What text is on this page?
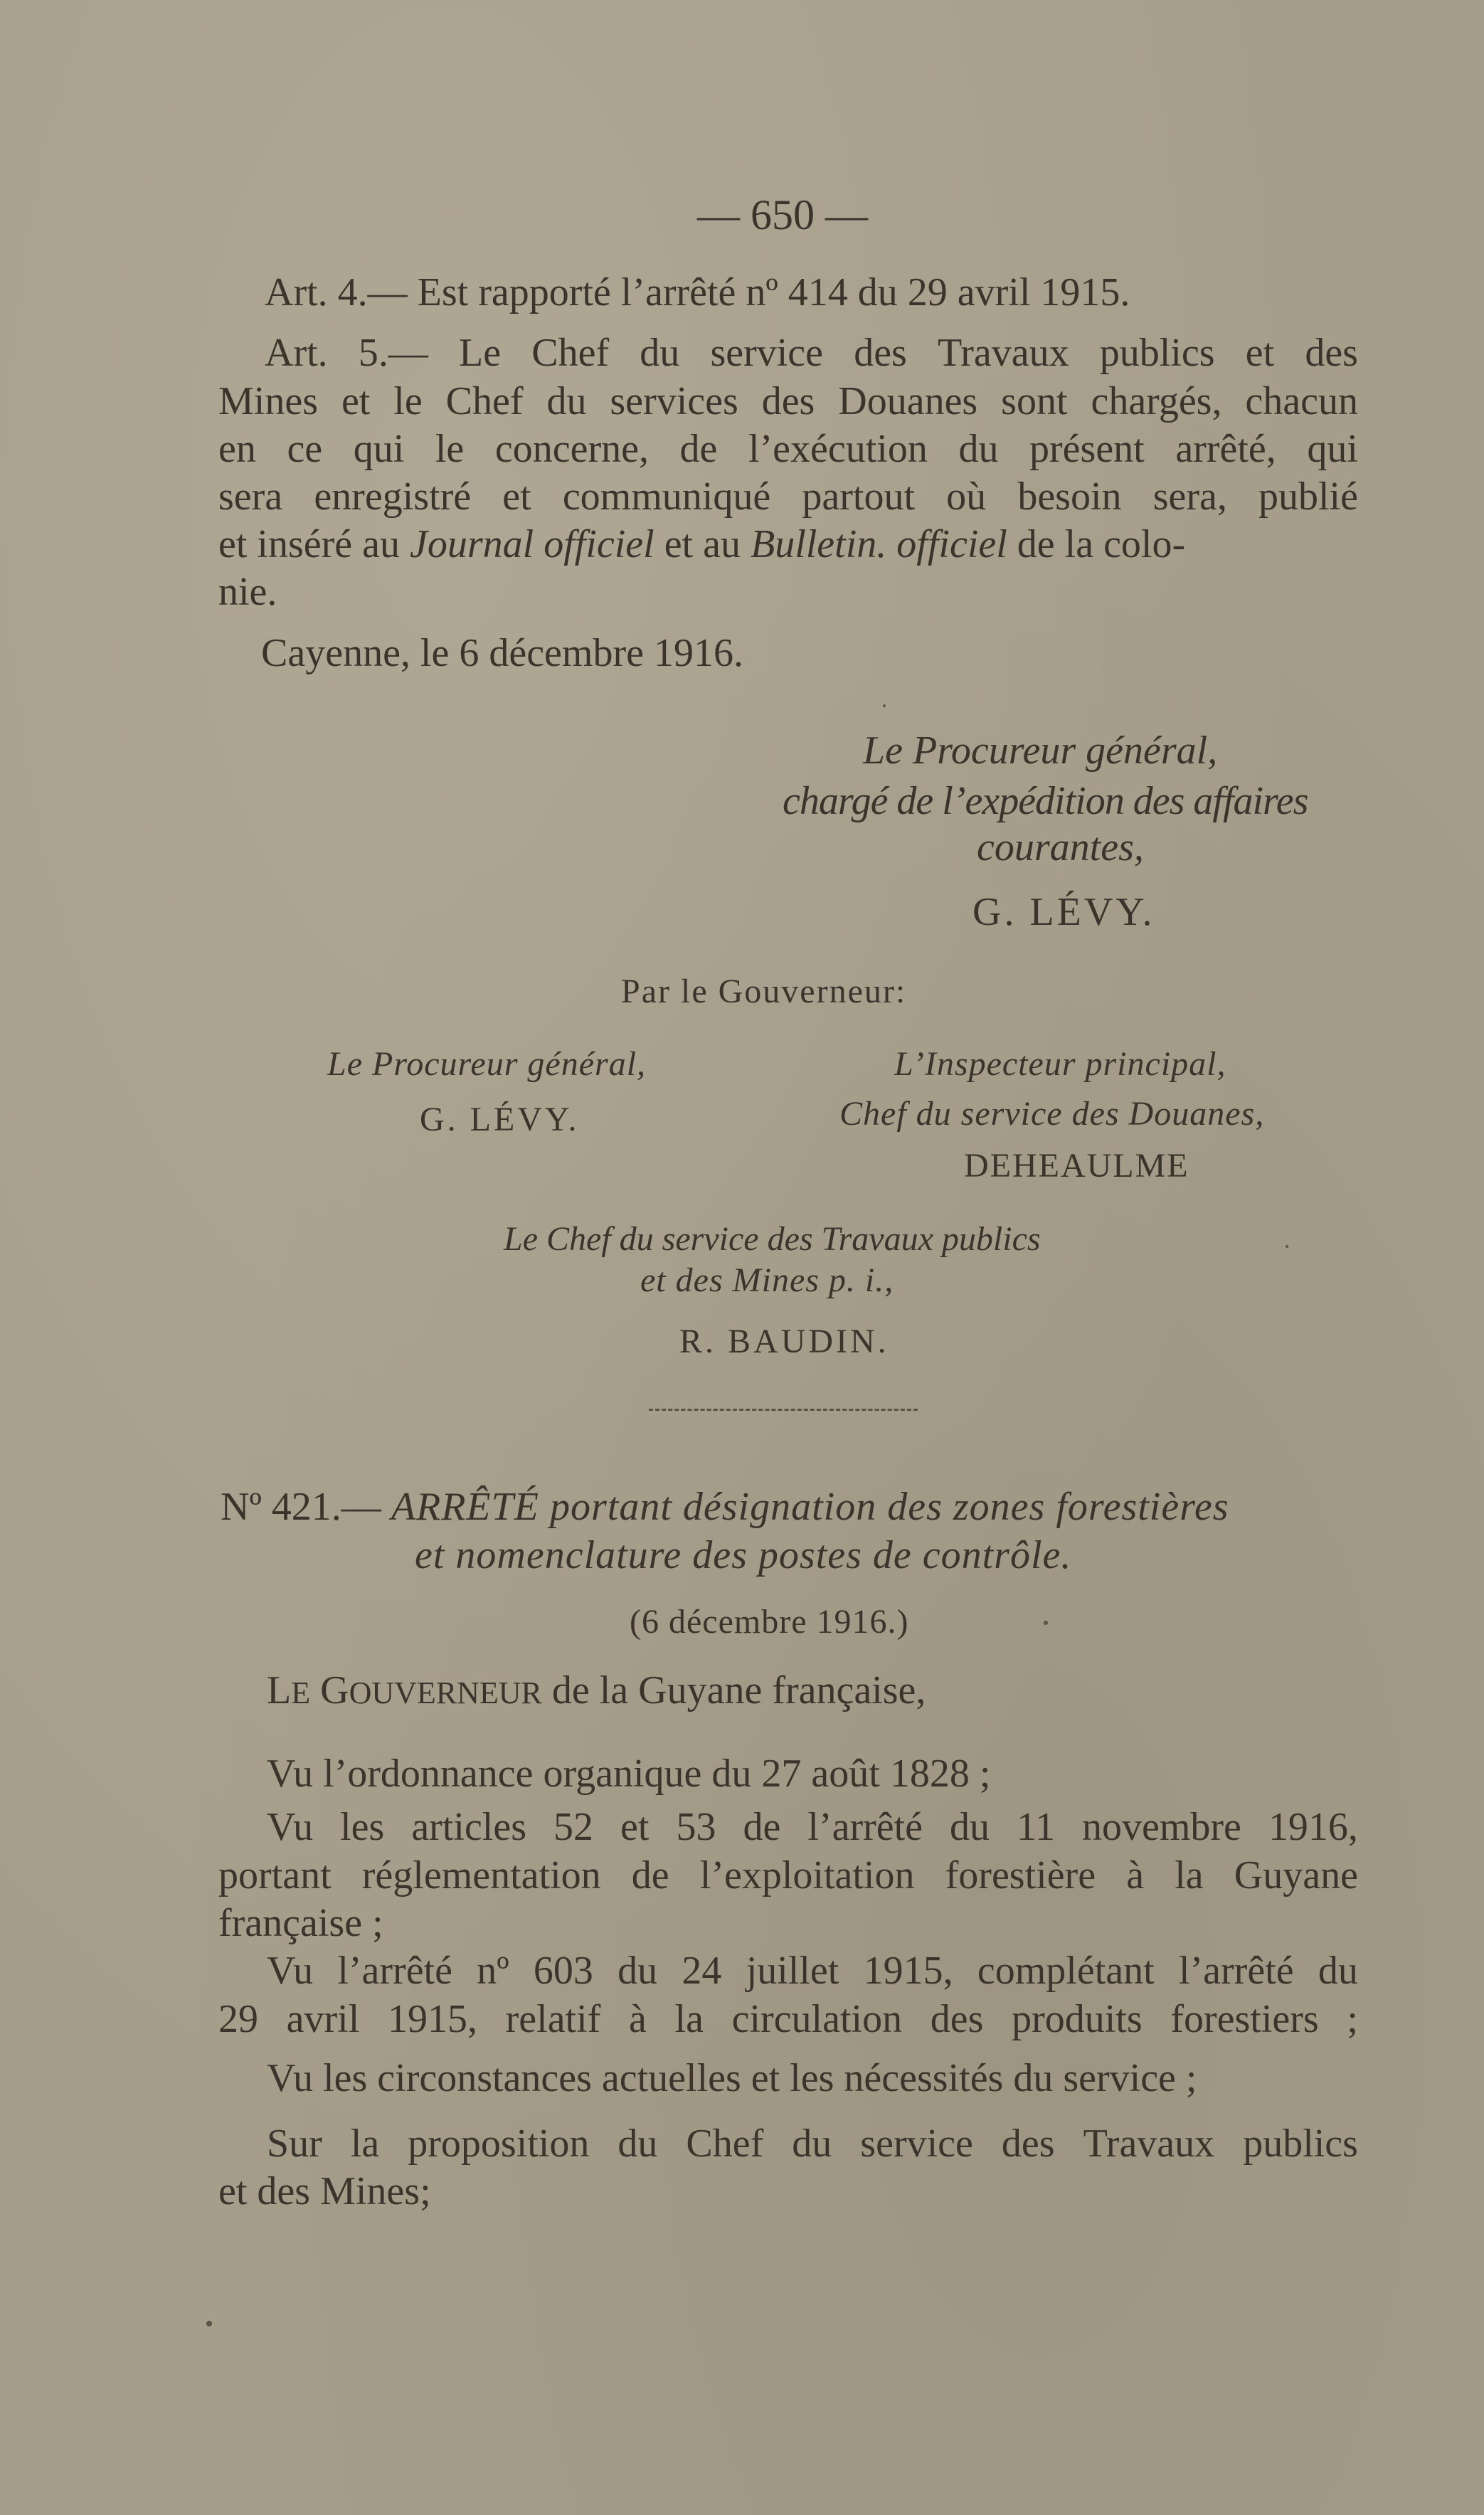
— 650 —
Art. 4.— Est rapporté l’arrêté nº 414 du 29 avril 1915.
Art. 5.— Le Chef du service des Travaux publics et des
Mines et le Chef du services des Douanes sont chargés, chacun
en ce qui le concerne, de l’exécution du présent arrêté, qui
sera enregistré et communiqué partout où besoin sera, publié
et inséré au Journal officiel et au Bulletin. officiel de la colo-
nie.
Cayenne, le 6 décembre 1916.
Le Procureur général,
chargé de l’expédition des affaires
courantes,
G. LÉVY.
Par le Gouverneur:
Le Procureur général,
G. LÉVY.
L’Inspecteur principal,
Chef du service des Douanes,
DEHEAULME
Le Chef du service des Travaux publics
et des Mines p. i.,
R. BAUDIN.
Nº 421.— ARRÊTÉ portant désignation des zones forestières
et nomenclature des postes de contrôle.
(6 décembre 1916.)
LE GOUVERNEUR de la Guyane française,
Vu l’ordonnance organique du 27 août 1828 ;
Vu les articles 52 et 53 de l’arrêté du 11 novembre 1916,
portant réglementation de l’exploitation forestière à la Guyane
française ;
Vu l’arrêté nº 603 du 24 juillet 1915, complétant l’arrêté du
29 avril 1915, relatif à la circulation des produits forestiers ;
Vu les circonstances actuelles et les nécessités du service ;
Sur la proposition du Chef du service des Travaux publics
et des Mines;
